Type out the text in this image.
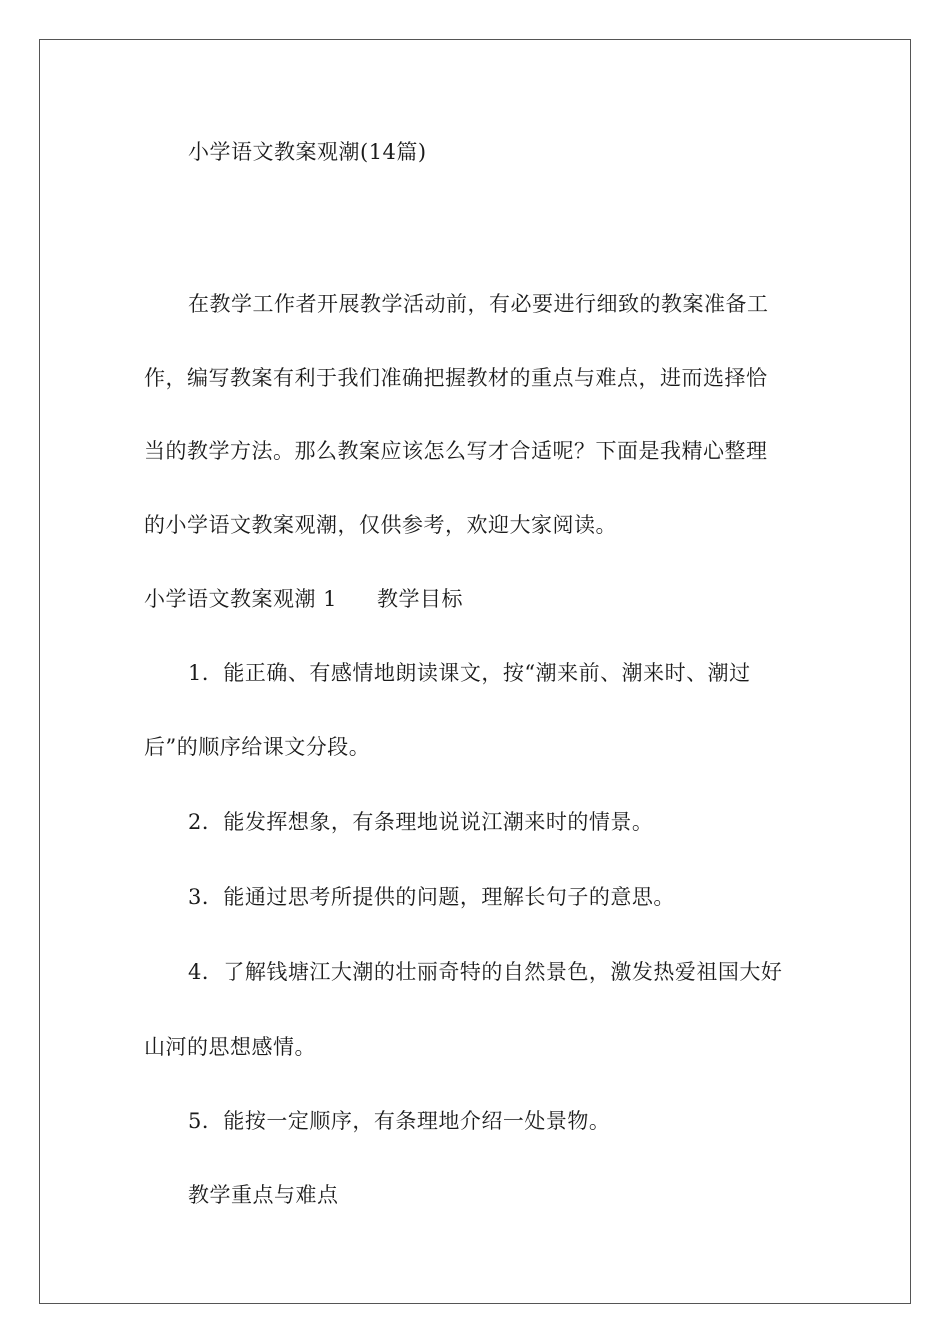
小学语文教案观潮(14篇)
在教学工作者开展教学活动前，有必要进行细致的教案准备工
作，编写教案有利于我们准确把握教材的重点与难点，进而选择恰
当的教学方法。那么教案应该怎么写才合适呢？下面是我精心整理
的小学语文教案观潮，仅供参考，欢迎大家阅读。
小学语文教案观潮 1 教学目标
1．能正确、有感情地朗读课文，按“潮来前、潮来时、潮过
后”的顺序给课文分段。
2．能发挥想象，有条理地说说江潮来时的情景。
3．能通过思考所提供的问题，理解长句子的意思。
4．了解钱塘江大潮的壮丽奇特的自然景色，激发热爱祖国大好
山河的思想感情。
5．能按一定顺序，有条理地介绍一处景物。
教学重点与难点
